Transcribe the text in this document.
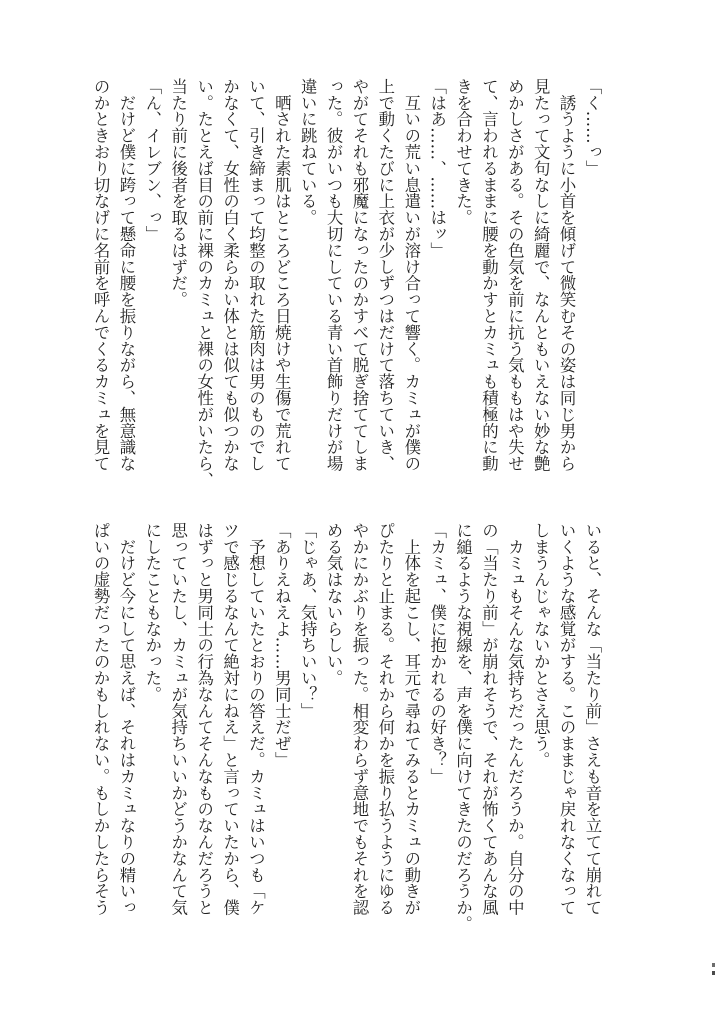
「く……っ」
　誘うように小首を傾げて微笑むその姿は同じ男から
見たって文句なしに綺麗で、なんともいえない妙な艶
めかしさがある。その色気を前に抗う気ももはや失せ
て、言われるままに腰を動かすとカミュも積極的に動
きを合わせてきた。
「はあ……、……はッ」
　互いの荒い息遣いが溶け合って響く。カミュが僕の
上で動くたびに上衣が少しずつはだけて落ちていき、
やがてそれも邪魔になったのかすべて脱ぎ捨ててしま
った。彼がいつも大切にしている青い首飾りだけが場
違いに跳ねている。
　晒された素肌はところどころ日焼けや生傷で荒れて
いて、引き締まって均整の取れた筋肉は男のものでし
かなくて、女性の白く柔らかい体とは似ても似つかな
い。たとえば目の前に裸のカミュと裸の女性がいたら、
当たり前に後者を取るはずだ。
「ん、イレブン、っ」
　だけど僕に跨って懸命に腰を振りながら、無意識な
のかときおり切なげに名前を呼んでくるカミュを見て
いると、そんな「当たり前」さえも音を立てて崩れて
いくような感覚がする。このままじゃ戻れなくなって
しまうんじゃないかとさえ思う。
　カミュもそんな気持ちだったんだろうか。自分の中
の「当たり前」が崩れそうで、それが怖くてあんな風
に縋るような視線を、声を僕に向けてきたのだろうか。
「カミュ、僕に抱かれるの好き？」
　上体を起こし、耳元で尋ねてみるとカミュの動きが
ぴたりと止まる。それから何かを振り払うようにゆる
やかにかぶりを振った。相変わらず意地でもそれを認
める気はないらしい。
「じゃあ、気持ちいい？」
「ありえねえよ……男同士だぜ」
　予想していたとおりの答えだ。カミュはいつも「ケ
ツで感じるなんて絶対にねえ」と言っていたから、僕
はずっと男同士の行為なんてそんなものなんだろうと
思っていたし、カミュが気持ちいいかどうかなんて気
にしたこともなかった。
　だけど今にして思えば、それはカミュなりの精いっ
ぱいの虚勢だったのかもしれない。もしかしたらそう
